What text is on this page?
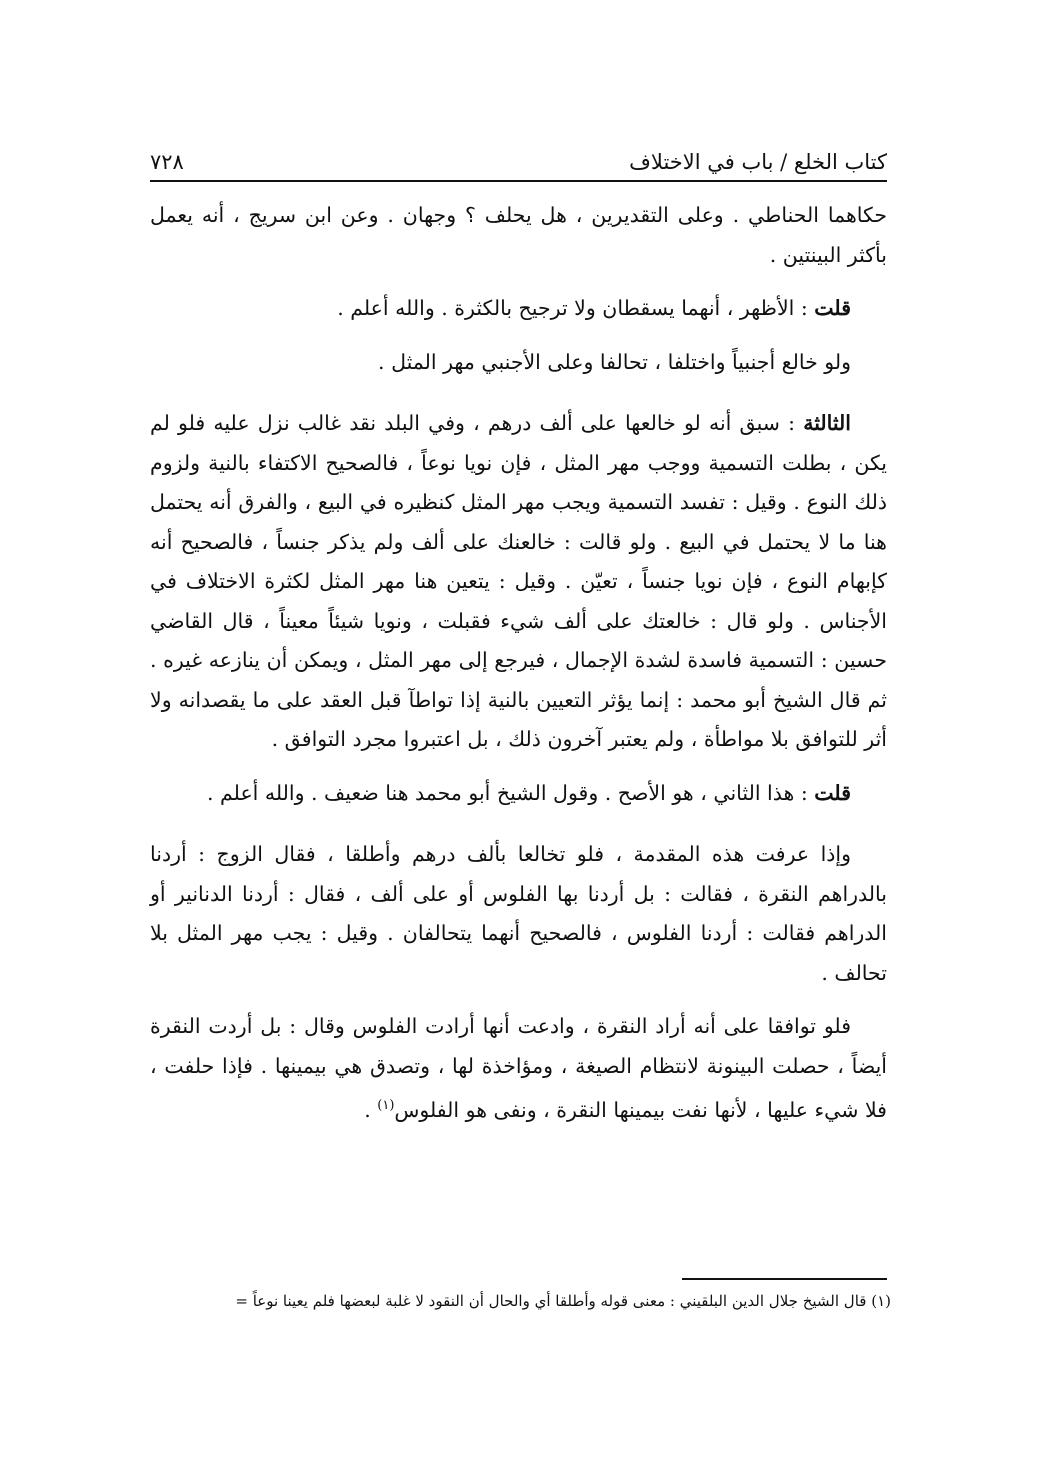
كتاب الخلع / باب في الاختلاف
٧٢٨

حكاهما الحناطي . وعلى التقديرين ، هل يحلف ؟ وجهان . وعن ابن سريج ، أنه يعمل بأكثر البينتين .

قلت : الأظهر ، أنهما يسقطان ولا ترجيح بالكثرة . والله أعلم .

ولو خالع أجنبياً واختلفا ، تحالفا وعلى الأجنبي مهر المثل .

الثالثة : سبق أنه لو خالعها على ألف درهم ، وفي البلد نقد غالب نزل عليه فلو لم يكن ، بطلت التسمية ووجب مهر المثل ، فإن نويا نوعاً ، فالصحيح الاكتفاء بالنية ولزوم ذلك النوع . وقيل : تفسد التسمية ويجب مهر المثل كنظيره في البيع ، والفرق أنه يحتمل هنا ما لا يحتمل في البيع . ولو قالت : خالعنك على ألف ولم يذكر جنساً ، فالصحيح أنه كإبهام النوع ، فإن نويا جنساً ، تعيّن . وقيل : يتعين هنا مهر المثل لكثرة الاختلاف في الأجناس . ولو قال : خالعتك على ألف شيء فقبلت ، ونويا شيئاً معيناً ، قال القاضي حسين : التسمية فاسدة لشدة الإجمال ، فيرجع إلى مهر المثل ، ويمكن أن ينازعه غيره . ثم قال الشيخ أبو محمد : إنما يؤثر التعيين بالنية إذا تواطآ قبل العقد على ما يقصدانه ولا أثر للتوافق بلا مواطأة ، ولم يعتبر آخرون ذلك ، بل اعتبروا مجرد التوافق .

قلت : هذا الثاني ، هو الأصح . وقول الشيخ أبو محمد هنا ضعيف . والله أعلم .

وإذا عرفت هذه المقدمة ، فلو تخالعا بألف درهم وأطلقا ، فقال الزوج : أردنا بالدراهم النقرة ، فقالت : بل أردنا بها الفلوس أو على ألف ، فقال : أردنا الدنانير أو الدراهم فقالت : أردنا الفلوس ، فالصحيح أنهما يتحالفان . وقيل : يجب مهر المثل بلا تحالف .

فلو توافقا على أنه أراد النقرة ، وادعت أنها أرادت الفلوس وقال : بل أردت النقرة أيضاً ، حصلت البينونة لانتظام الصيغة ، ومؤاخذة لها ، وتصدق هي بيمينها . فإذا حلفت ، فلا شيء عليها ، لأنها نفت بيمينها النقرة ، ونفى هو الفلوس$^{(١)}$ .

(١) قال الشيخ جلال الدين البلقيني : معنى قوله وأطلقا أي والحال أن النقود لا غلبة لبعضها فلم يعينا نوعاً =
